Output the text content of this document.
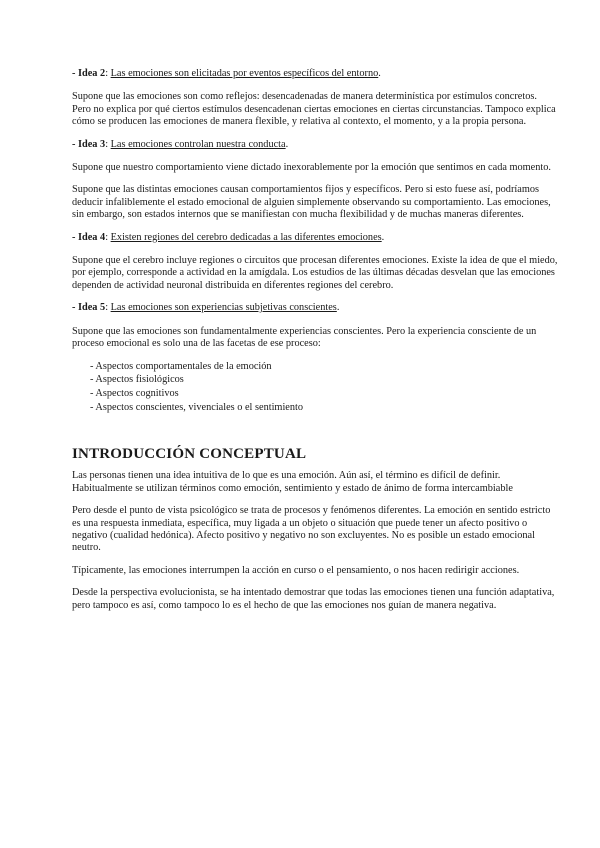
- Idea 2: Las emociones son elicitadas por eventos específicos del entorno.

Supone que las emociones son como reflejos: desencadenadas de manera determinística por estímulos concretos. Pero no explica por qué ciertos estímulos desencadenan ciertas emociones en ciertas circunstancias. Tampoco explica cómo se producen las emociones de manera flexible, y relativa al contexto, el momento, y a la propia persona.

- Idea 3: Las emociones controlan nuestra conducta.

Supone que nuestro comportamiento viene dictado inexorablemente por la emoción que sentimos en cada momento.

Supone que las distintas emociones causan comportamientos fijos y específicos. Pero si esto fuese así, podríamos deducir infaliblemente el estado emocional de alguien simplemente observando su comportamiento. Las emociones, sin embargo, son estados internos que se manifiestan con mucha flexibilidad y de muchas maneras diferentes.

- Idea 4: Existen regiones del cerebro dedicadas a las diferentes emociones.

Supone que el cerebro incluye regiones o circuitos que procesan diferentes emociones. Existe la idea de que el miedo, por ejemplo, corresponde a actividad en la amígdala. Los estudios de las últimas décadas desvelan que las emociones dependen de actividad neuronal distribuida en diferentes regiones del cerebro.

- Idea 5: Las emociones son experiencias subjetivas conscientes.

Supone que las emociones son fundamentalmente experiencias conscientes. Pero la experiencia consciente de un proceso emocional es solo una de las facetas de ese proceso:

- Aspectos comportamentales de la emoción
- Aspectos fisiológicos
- Aspectos cognitivos
- Aspectos conscientes, vivenciales o el sentimiento
INTRODUCCIÓN CONCEPTUAL

Las personas tienen una idea intuitiva de lo que es una emoción. Aún así, el término es difícil de definir. Habitualmente se utilizan términos como emoción, sentimiento y estado de ánimo de forma intercambiable

Pero desde el punto de vista psicológico se trata de procesos y fenómenos diferentes. La emoción en sentido estricto es una respuesta inmediata, específica, muy ligada a un objeto o situación que puede tener un afecto positivo o negativo (cualidad hedónica). Afecto positivo y negativo no son excluyentes. No es posible un estado emocional neutro.

Típicamente, las emociones interrumpen la acción en curso o el pensamiento, o nos hacen redirigir acciones.

Desde la perspectiva evolucionista, se ha intentado demostrar que todas las emociones tienen una función adaptativa, pero tampoco es así, como tampoco lo es el hecho de que las emociones nos guían de manera negativa.
